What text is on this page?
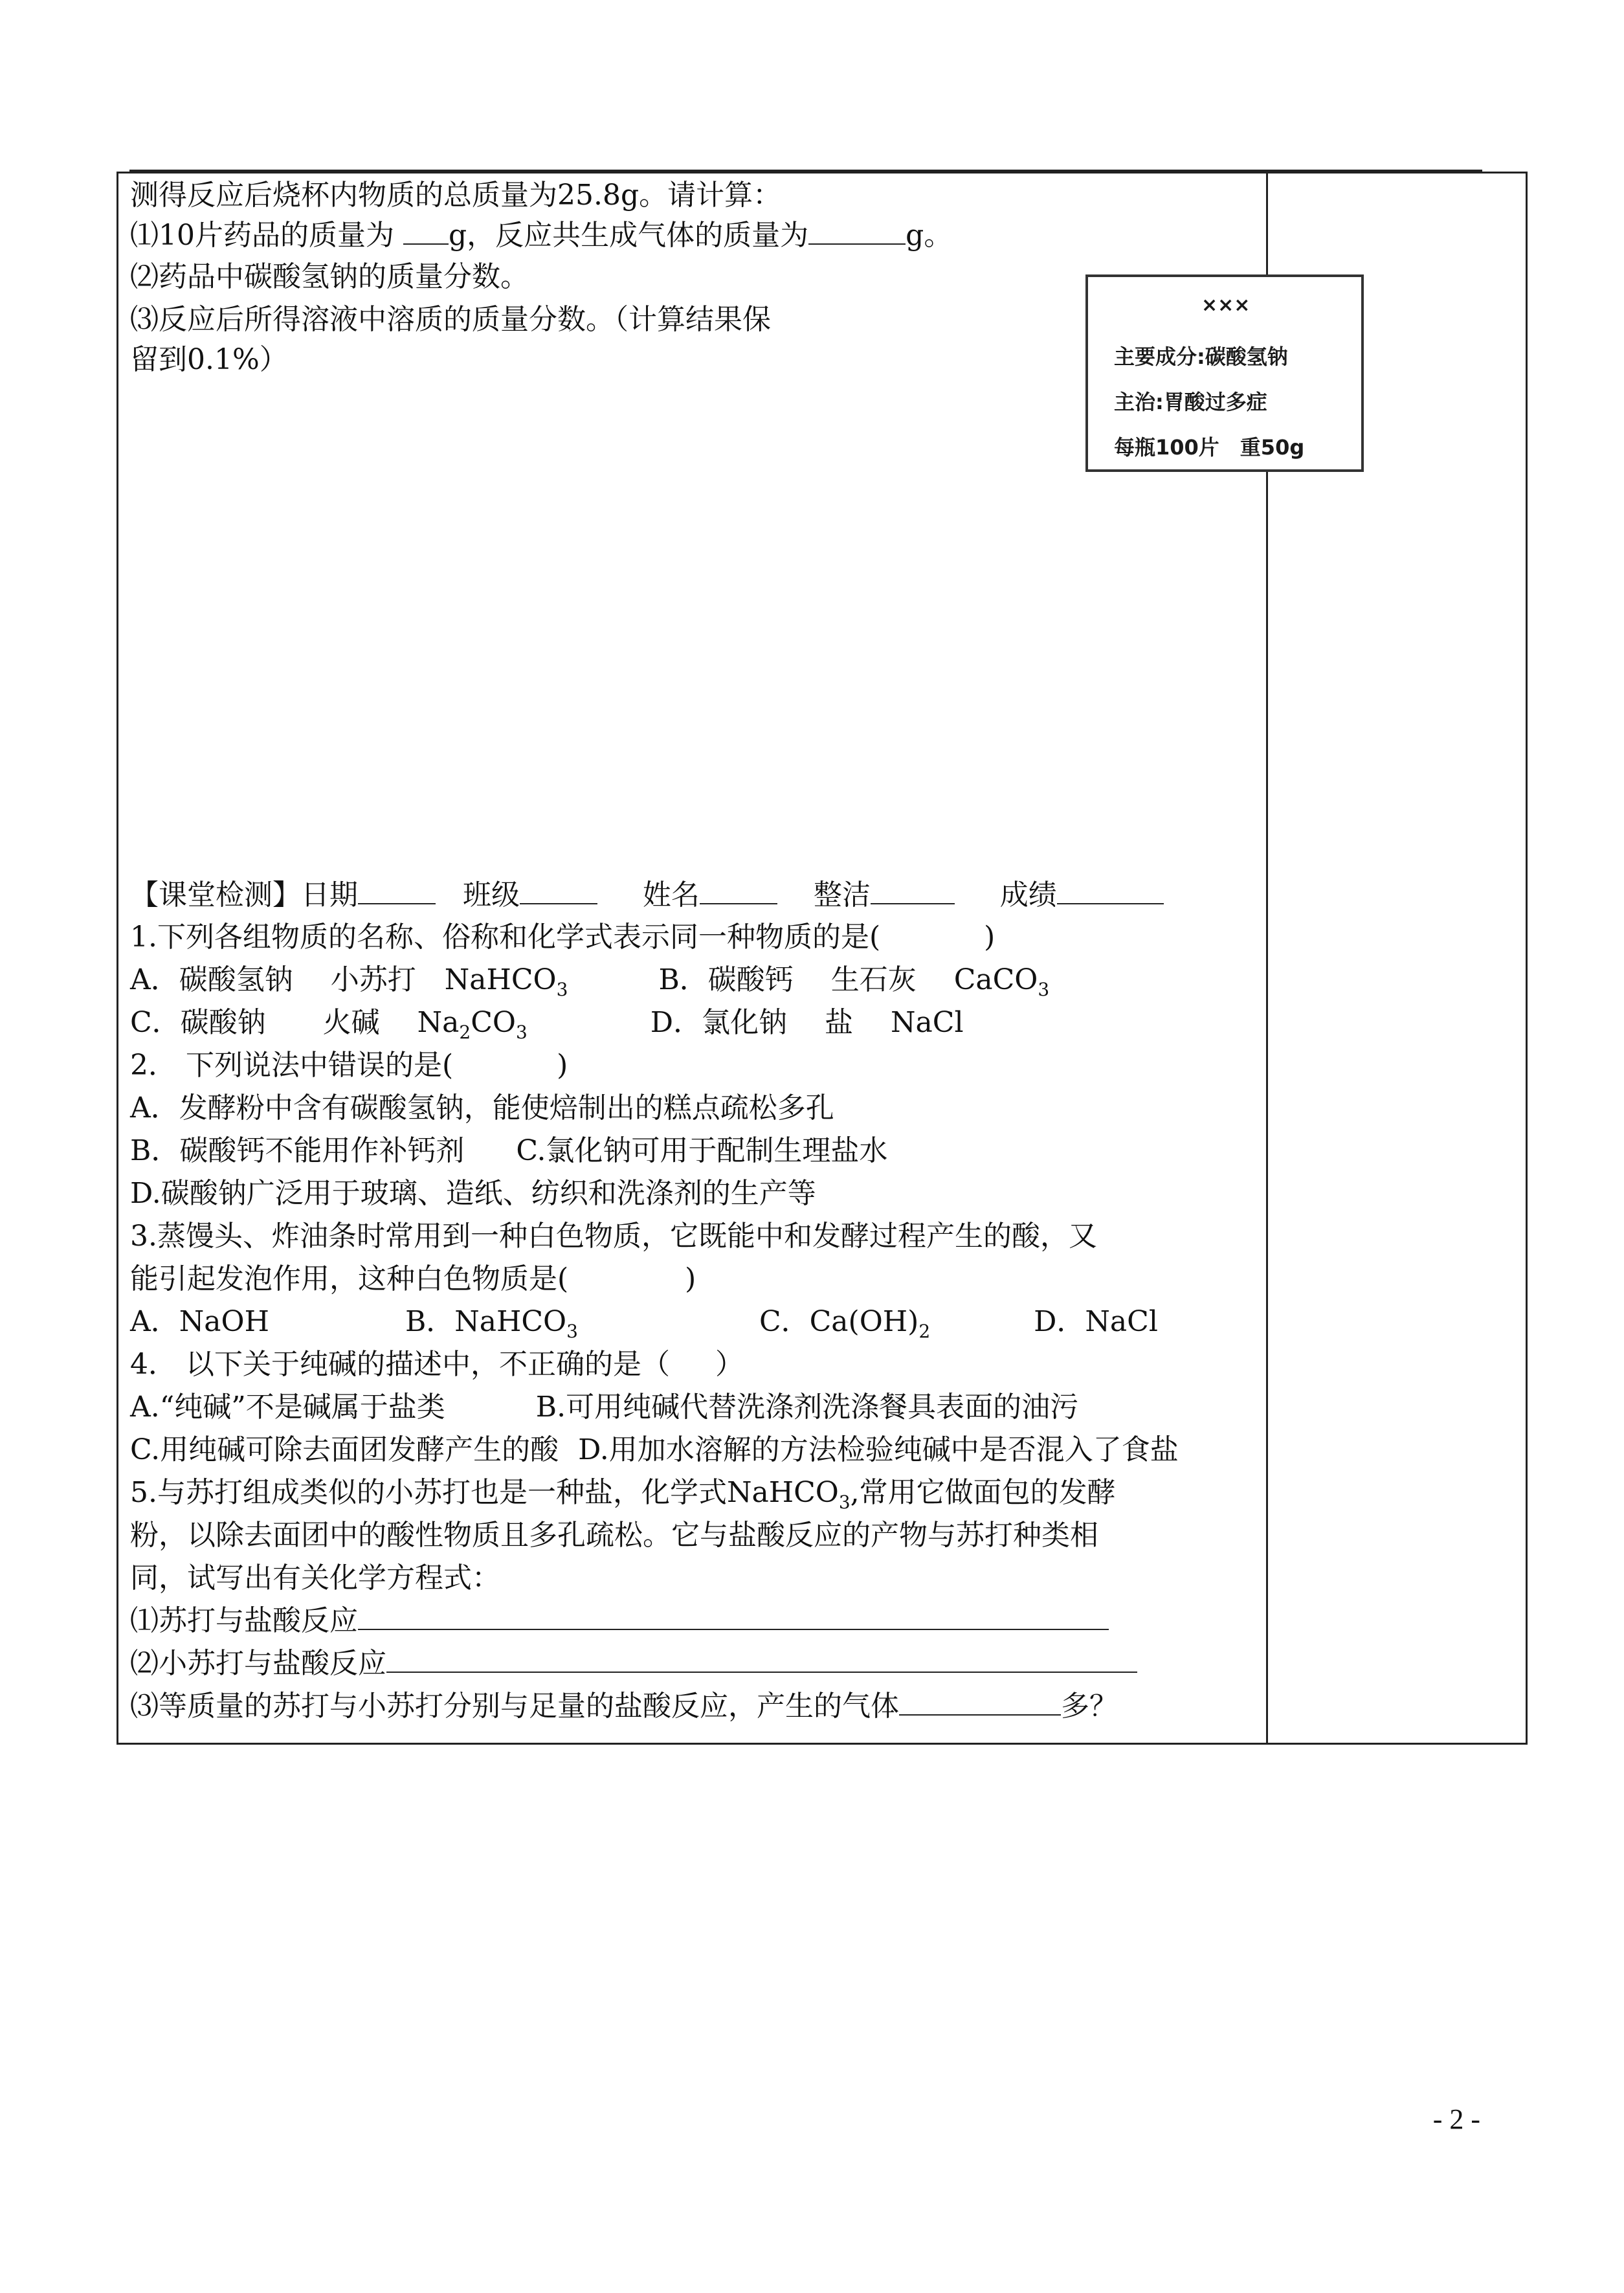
测得反应后烧杯内物质的总质量为25.8g。请计算：
⑴10片药品的质量为 g，反应共生成气体的质量为	g。
⑵药品中碳酸氢钠的质量分数。
⑶反应后所得溶液中溶质的质量分数。（计算结果保
留到0.1%）
×××
主要成分:碳酸氢钠
主治:胃酸过多症
每瓶100片　重50g
【课堂检测】日期	班级	姓名	整洁	成绩
1.下列各组物质的名称、俗称和化学式表示同一种物质的是(	)
A．碳酸氢钠　 小苏打　NaHCO$_3$	B．碳酸钙　 生石灰　 CaCO$_3$
C．碳酸钠　　火碱　 $Na_2CO_3$	D．氯化钠　 盐　 NaCl
2． 下列说法中错误的是(	)
A．发酵粉中含有碳酸氢钠，能使焙制出的糕点疏松多孔
B．碳酸钙不能用作补钙剂 C.氯化钠可用于配制生理盐水
D.碳酸钠广泛用于玻璃、造纸、纺织和洗涤剂的生产等
3.蒸馒头、炸油条时常用到一种白色物质，它既能中和发酵过程产生的酸，又
能引起发泡作用，这种白色物质是(	)
A．NaOH	B．NaHCO$_3$	C．$Ca(OH)_2$	D．NaCl
4． 以下关于纯碱的描述中，不正确的是（ ）
A.“纯碱”不是碱属于盐类	B.可用纯碱代替洗涤剂洗涤餐具表面的油污
C.用纯碱可除去面团发酵产生的酸 D.用加水溶解的方法检验纯碱中是否混入了食盐
5.与苏打组成类似的小苏打也是一种盐，化学式NaHCO$_3$,常用它做面包的发酵
粉，以除去面团中的酸性物质且多孔疏松。它与盐酸反应的产物与苏打种类相
同，试写出有关化学方程式：
⑴苏打与盐酸反应
⑵小苏打与盐酸反应
⑶等质量的苏打与小苏打分别与足量的盐酸反应，产生的气体	多？
- 2 -
